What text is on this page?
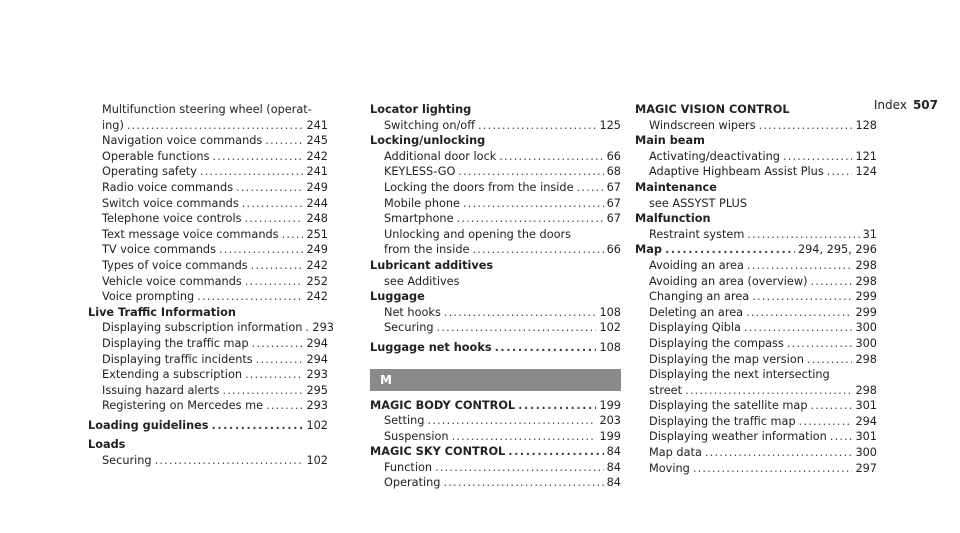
Index 507
Multifunction steering wheel (operat-
ing) . . .	241
Navigation voice commands . . .	245
Operable functions . . .	242
Operating safety . . .	241
Radio voice commands . . .	249
Switch voice commands . . .	244
Telephone voice controls . . .	248
Text message voice commands . . . 251
TV voice commands . . .	249
Types of voice commands . . .	242
Vehicle voice commands . . .	252
Voice prompting . . .	242
Live Traffic Information
Displaying subscription information . . . 293
Displaying the traffic map . . .	294
Displaying traffic incidents . . .	294
Extending a subscription . . .	293
Issuing hazard alerts . . .	295
Registering on Mercedes me . . .	293
Loading guidelines . . .	102
Loads
Securing . . .	102
Locator lighting
Switching on/off . . .	125
Locking/unlocking
Additional door lock . . .	66
KEYLESS-GO . . .	68
Locking the doors from the inside . . .	67
Mobile phone . . .	67
Smartphone . . .	67
Unlocking and opening the doors
from the inside . . .	66
Lubricant additives
see Additives
Luggage
Net hooks . . .	108
Securing . . .	102
Luggage net hooks . . .	108
M
MAGIC BODY CONTROL . . .	199
Setting . . .	203
Suspension . . .	199
MAGIC SKY CONTROL . . .	84
Function . . .	84
Operating . . .	84
MAGIC VISION CONTROL
Windscreen wipers . . .	128
Main beam
Activating/deactivating . . .	121
Adaptive Highbeam Assist Plus . . .	124
Maintenance
see ASSYST PLUS
Malfunction
Restraint system . . .	31
Map . . .	294, 295, 296
Avoiding an area . . .	298
Avoiding an area (overview) . . .	298
Changing an area . . .	299
Deleting an area . . .	299
Displaying Qibla . . .	300
Displaying the compass . . .	300
Displaying the map version . . .	298
Displaying the next intersecting
street . . .	298
Displaying the satellite map . . .	301
Displaying the traffic map . . .	294
Displaying weather information . . .	301
Map data . . .	300
Moving . . .	297
